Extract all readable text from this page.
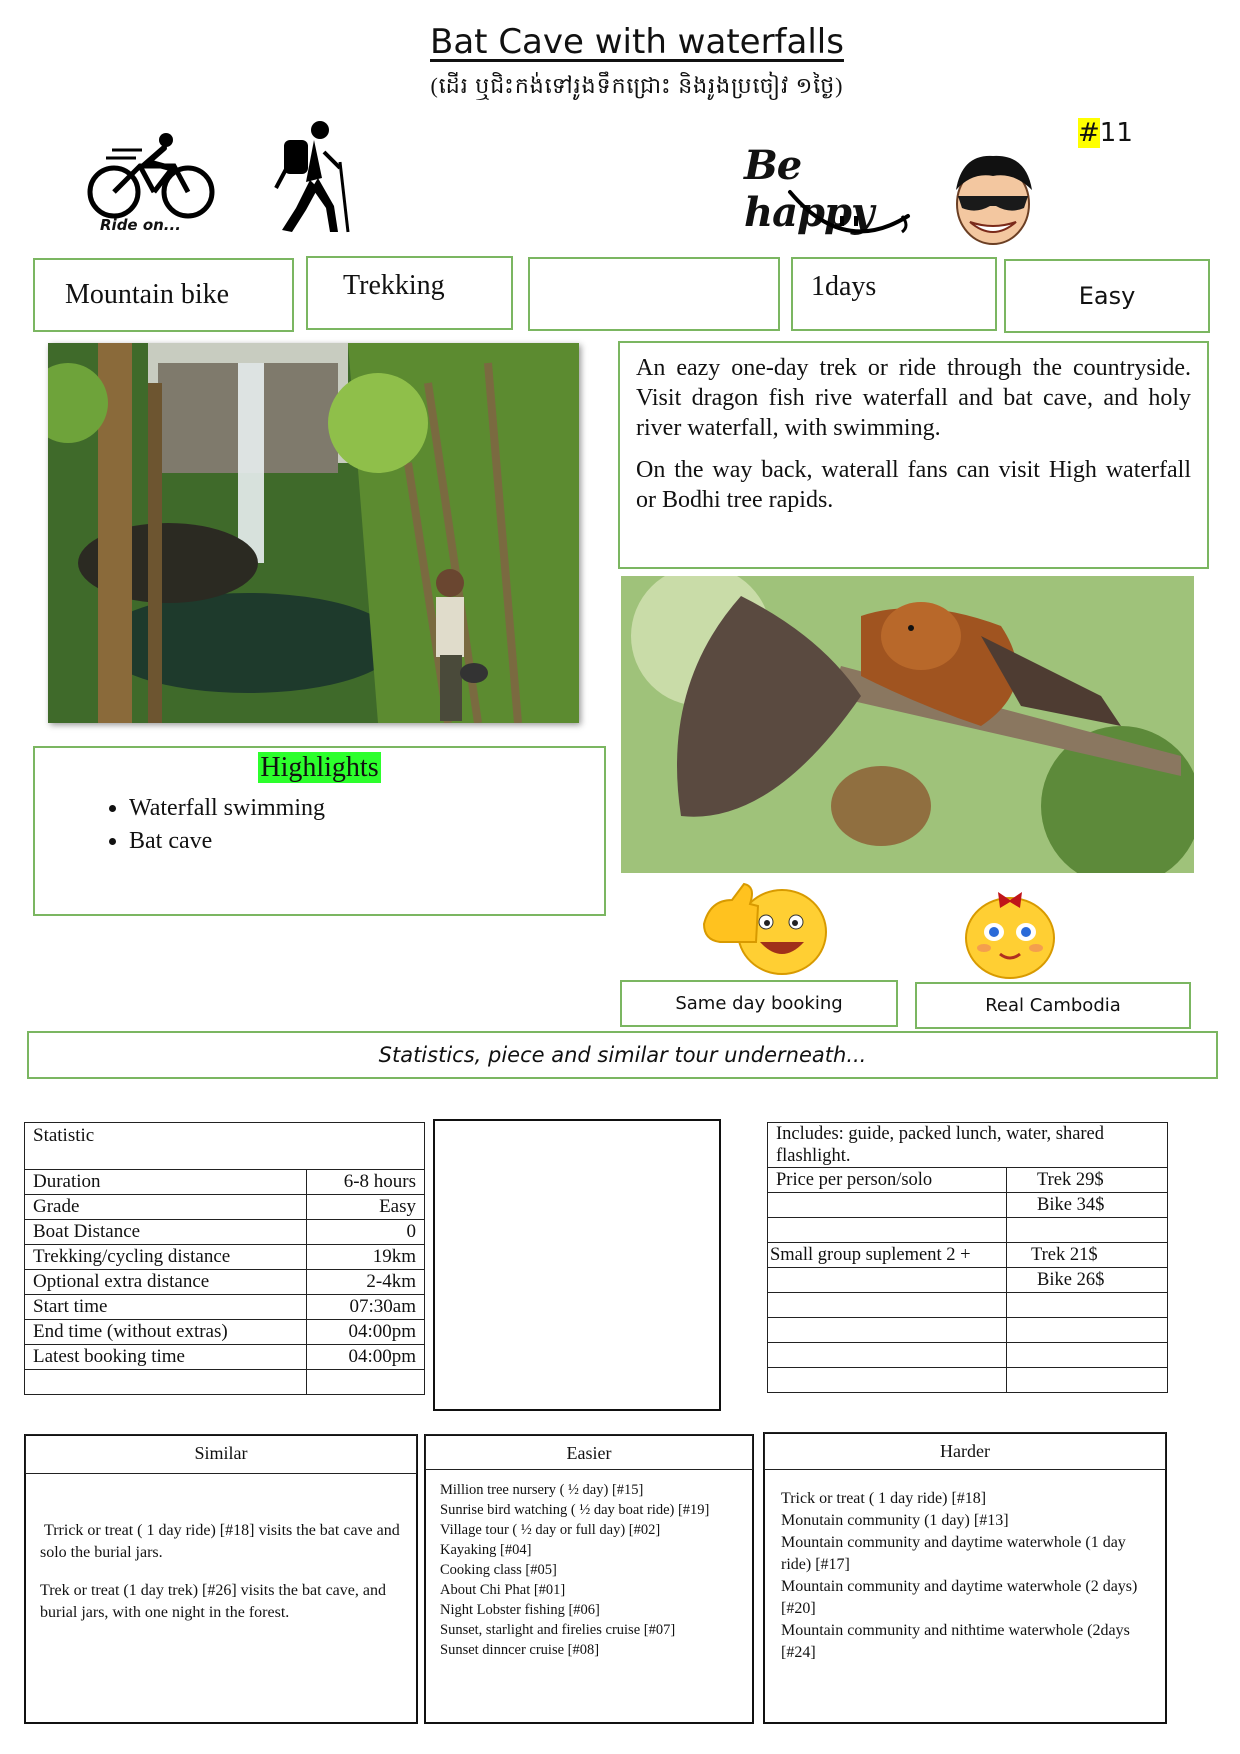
Bat Cave with waterfalls
(ដើរ ឬជិះកង់ទៅរូងទឹកជ្រោះ និងរូងប្រចៀវ ១ថ្ងៃ)
#11
Ride on...
Be happy
Mountain bike	Trekking	1days	Easy

An eazy one-day trek or ride through the countryside. Visit dragon fish rive waterfall and bat cave, and holy river waterfall, with swimming.

On the way back, waterall fans can visit High waterfall or Bodhi tree rapids.

Highlights
• Waterfall swimming
• Bat cave
Same day booking	Real Cambodia
Statistics, piece and similar tour underneath...
Statistic	
Duration	6-8 hours
Grade	Easy
Boat Distance	0
Trekking/cycling distance	19km
Optional extra distance	2-4km
Start time	07:30am
End time (without extras)	04:00pm
Latest booking time	04:00pm

Includes: guide, packed lunch, water, shared flashlight.	
Price per person/solo	Trek 29$
	Bike 34$

Small group suplement 2 +	Trek 21$
	Bike 26$

Similar

Trrick or treat ( 1 day ride) [#18] visits the bat cave and solo the burial jars.

Trek or treat (1 day trek) [#26] visits the bat cave, and burial jars, with one night in the forest.

Easier
Million tree nursery ( ½ day) [#15]
Sunrise bird watching ( ½ day boat ride) [#19]
Village tour ( ½ day or full day) [#02]
Kayaking [#04]
Cooking class [#05]
About Chi Phat [#01]
Night Lobster fishing [#06]
Sunset, starlight and firelies cruise [#07]
Sunset dinncer cruise [#08]
Harder
Trick or treat ( 1 day ride) [#18]
Monutain community (1 day) [#13]
Mountain community and daytime waterwhole (1 day ride) [#17]
Mountain community and daytime waterwhole (2 days) [#20]
Mountain community and nithtime waterwhole (2days [#24]
